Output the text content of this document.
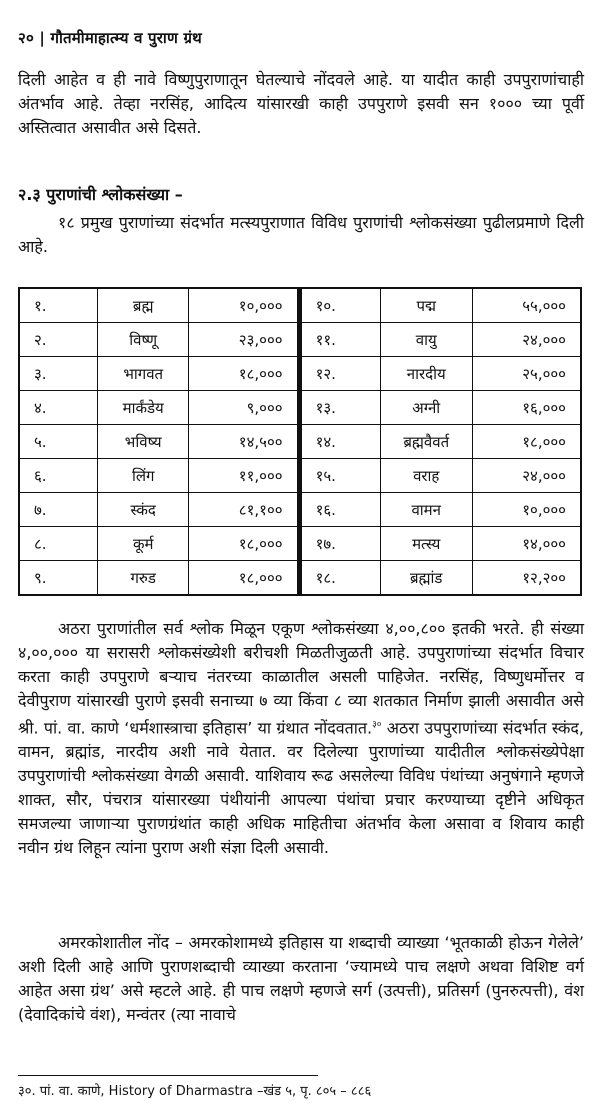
२० | गौतमीमाहात्म्य व पुराण ग्रंथ

दिली आहेत व ही नावे विष्णुपुराणातून घेतल्याचे नोंदवले आहे. या यादीत काही उपपुराणांचाही अंतर्भाव आहे. तेव्हा नरसिंह, आदित्य यांसारखी काही उपपुराणे इसवी सन १००० च्या पूर्वी अस्तित्वात असावीत असे दिसते.

२.३ पुराणांची श्लोकसंख्या –

१८ प्रमुख पुराणांच्या संदर्भात मत्स्यपुराणात विविध पुराणांची श्लोकसंख्या पुढीलप्रमाणे दिली आहे.

१.	ब्रह्म	१०,०००	१०.	पद्म	५५,०००
२.	विष्णू	२३,०००	११.	वायु	२४,०००
३.	भागवत	१८,०००	१२.	नारदीय	२५,०००
४.	मार्कंडेय	९,०००	१३.	अग्नी	१६,०००
५.	भविष्य	१४,५००	१४.	ब्रह्मवैवर्त	१८,०००
६.	लिंग	११,०००	१५.	वराह	२४,०००
७.	स्कंद	८१,१००	१६.	वामन	१०,०००
८.	कूर्म	१८,०००	१७.	मत्स्य	१४,०००
९.	गरुड	१८,०००	१८.	ब्रह्मांड	१२,२००

अठरा पुराणांतील सर्व श्लोक मिळून एकूण श्लोकसंख्या ४,००,८०० इतकी भरते. ही संख्या ४,००,००० या सरासरी श्लोकसंख्येशी बरीचशी मिळतीजुळती आहे. उपपुराणांच्या संदर्भात विचार करता काही उपपुराणे बऱ्याच नंतरच्या काळातील असली पाहिजेत. नरसिंह, विष्णुधर्मोत्तर व देवीपुराण यांसारखी पुराणे इसवी सनाच्या ७ व्या किंवा ८ व्या शतकात निर्माण झाली असावीत असे श्री. पां. वा. काणे ‘धर्मशास्त्राचा इतिहास’ या ग्रंथात नोंदवतात.$^{३०}$ अठरा उपपुराणांच्या संदर्भात स्कंद, वामन, ब्रह्मांड, नारदीय अशी नावे येतात. वर दिलेल्या पुराणांच्या यादीतील श्लोकसंख्येपेक्षा उपपुराणांची श्लोकसंख्या वेगळी असावी. याशिवाय रूढ असलेल्या विविध पंथांच्या अनुषंगाने म्हणजे शाक्त, सौर, पंचरात्र यांसारख्या पंथीयांनी आपल्या पंथांचा प्रचार करण्याच्या दृष्टीने अधिकृत समजल्या जाणाऱ्या पुराणग्रंथांत काही अधिक माहितीचा अंतर्भाव केला असावा व शिवाय काही नवीन ग्रंथ लिहून त्यांना पुराण अशी संज्ञा दिली असावी.

अमरकोशातील नोंद – अमरकोशामध्ये इतिहास या शब्दाची व्याख्या ‘भूतकाळी होऊन गेलेले’ अशी दिली आहे आणि पुराणशब्दाची व्याख्या करताना ‘ज्यामध्ये पाच लक्षणे अथवा विशिष्ट वर्ग आहेत असा ग्रंथ’ असे म्हटले आहे. ही पाच लक्षणे म्हणजे सर्ग (उत्पत्ती), प्रतिसर्ग (पुनरुत्पत्ती), वंश (देवादिकांचे वंश), मन्वंतर (त्या नावाचे

३०. पां. वा. काणे, History of Dharmastra –खंड ५, पृ. ८०५ – ८८६
